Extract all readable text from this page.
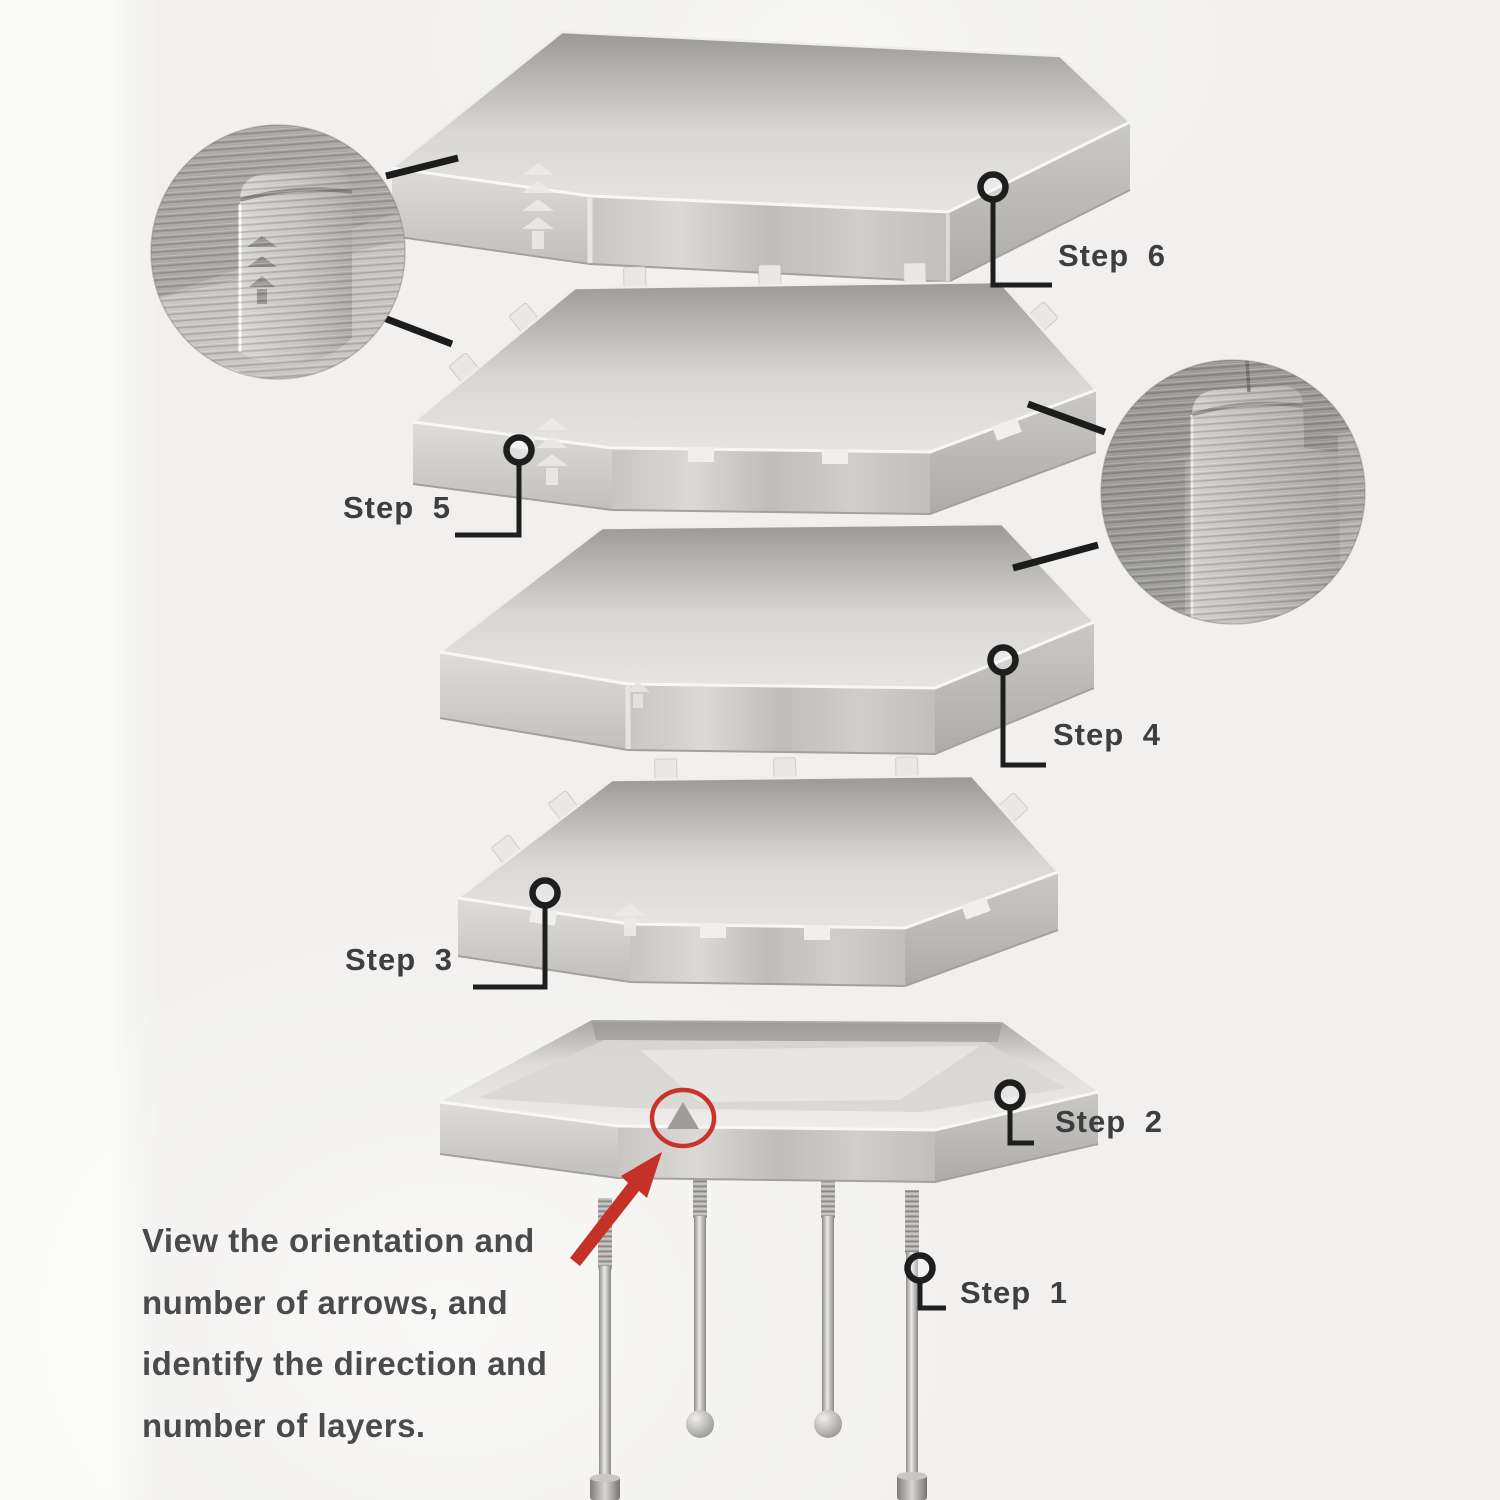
Step 6
Step 5
Step 4
Step 3
Step 2
Step 1
View the orientation and
number of arrows, and
identify the direction and
number of layers.
